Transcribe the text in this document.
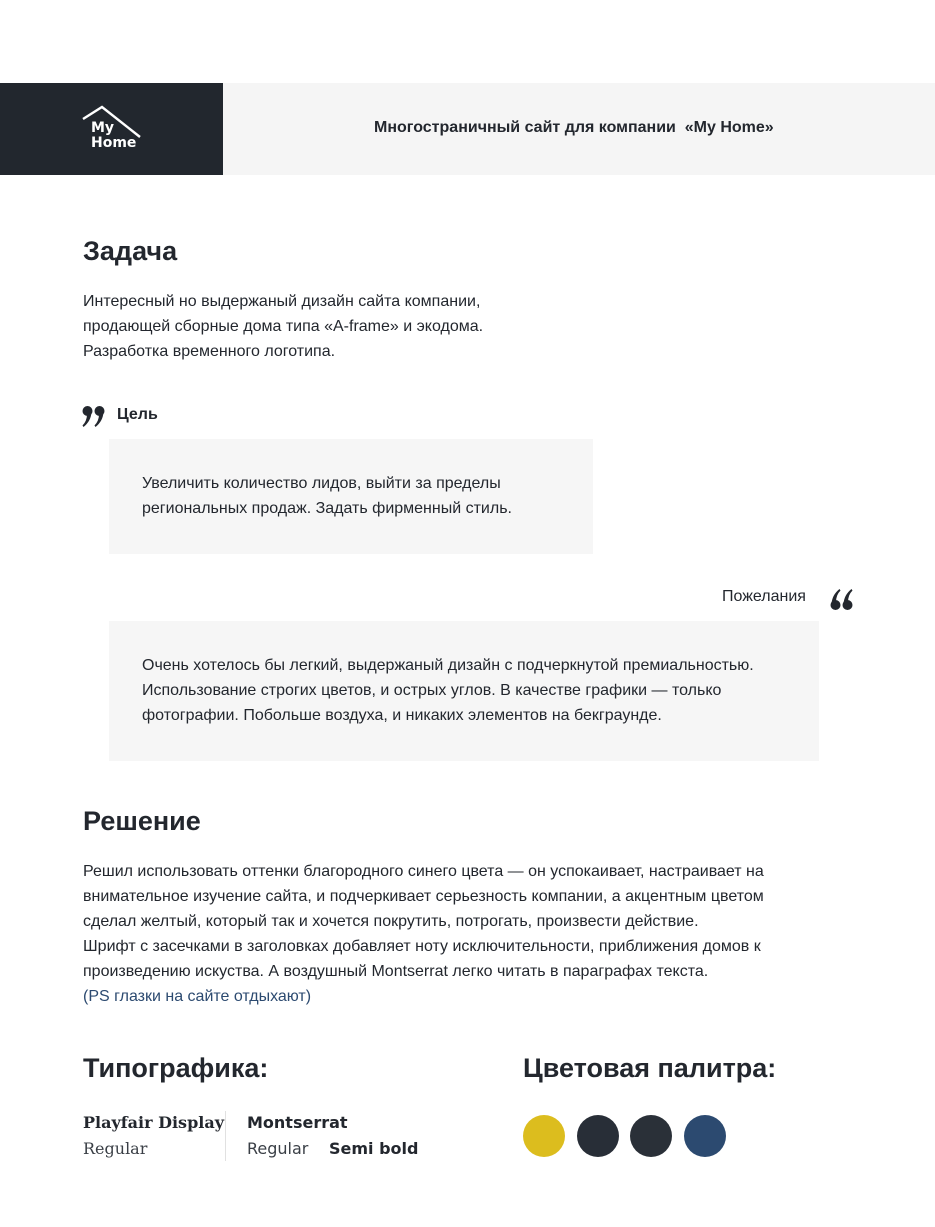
My
Home
Многостраничный сайт для компании  «My Home»
Задача

Интересный но выдержаный дизайн сайта компании,
продающей сборные дома типа «A-frame» и экодома.
Разработка временного логотипа.

Цель
Увеличить количество лидов, выйти за пределы
региональных продаж. Задать фирменный стиль.
Пожелания
Очень хотелось бы легкий, выдержаный дизайн с подчеркнутой премиальностью.
Использование строгих цветов, и острых углов. В качестве графики — только
фотографии. Побольше воздуха, и никаких элементов на бекграунде.
Решение

Решил использовать оттенки благородного синего цвета — он успокаивает, настраивает на
внимательное изучение сайта, и подчеркивает серьезность компании, а акцентным цветом
сделал желтый, который так и хочется покрутить, потрогать, произвести действие.
Шрифт с засечками в заголовках добавляет ноту исключительности, приближения домов к
произведению искуства. А воздушный Montserrat легко читать в параграфах текста.
(PS глазки на сайте отдыхают)

Типографика:
Playfair Display
Regular
Montserrat
Regular Semi bold
Цветовая палитра:
